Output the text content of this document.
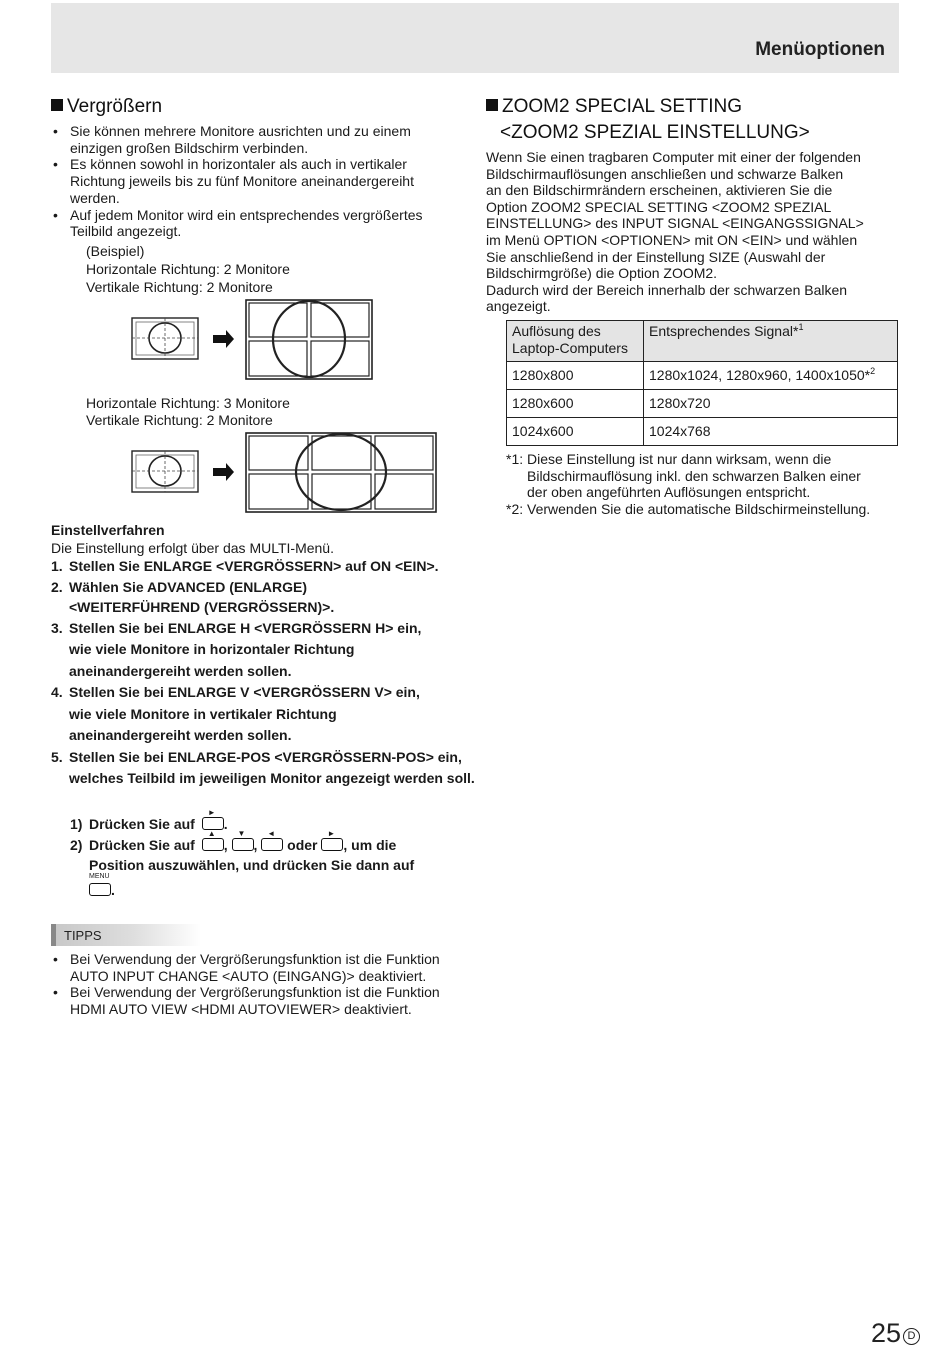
Menüoptionen
Vergrößern
• Sie können mehrere Monitore ausrichten und zu einem einzigen großen Bildschirm verbinden.
• Es können sowohl in horizontaler als auch in vertikaler Richtung jeweils bis zu fünf Monitore aneinandergereiht werden.
• Auf jedem Monitor wird ein entsprechendes vergrößertes Teilbild angezeigt.
(Beispiel)
Horizontale Richtung: 2 Monitore
Vertikale Richtung: 2 Monitore
Horizontale Richtung: 3 Monitore
Vertikale Richtung: 2 Monitore
Einstellverfahren
Die Einstellung erfolgt über das MULTI-Menü.
1. Stellen Sie ENLARGE <VERGRÖSSERN> auf ON <EIN>.
2. Wählen Sie ADVANCED (ENLARGE) <WEITERFÜHREND (VERGRÖSSERN)>.
3. Stellen Sie bei ENLARGE H <VERGRÖSSERN H> ein, wie viele Monitore in horizontaler Richtung aneinandergereiht werden sollen.
4. Stellen Sie bei ENLARGE V <VERGRÖSSERN V> ein, wie viele Monitore in vertikaler Richtung aneinandergereiht werden sollen.
5. Stellen Sie bei ENLARGE-POS <VERGRÖSSERN-POS> ein, welches Teilbild im jeweiligen Monitor angezeigt werden soll.
1) Drücken Sie auf
►
.
2) Drücken Sie auf
▲
,
▼
,
◄
oder
►
, um die
Position auszuwählen, und drücken Sie dann auf
MENU
.
TIPPS
• Bei Verwendung der Vergrößerungsfunktion ist die Funktion AUTO INPUT CHANGE <AUTO (EINGANG)> deaktiviert.
• Bei Verwendung der Vergrößerungsfunktion ist die Funktion HDMI AUTO VIEW <HDMI AUTOVIEWER> deaktiviert.
ZOOM2 SPECIAL SETTING
<ZOOM2 SPEZIAL EINSTELLUNG>
Wenn Sie einen tragbaren Computer mit einer der folgenden
Bildschirmauflösungen anschließen und schwarze Balken
an den Bildschirmrändern erscheinen, aktivieren Sie die
Option ZOOM2 SPECIAL SETTING <ZOOM2 SPEZIAL
EINSTELLUNG> des INPUT SIGNAL <EINGANGSSIGNAL>
im Menü OPTION <OPTIONEN> mit ON <EIN> und wählen
Sie anschließend in der Einstellung SIZE (Auswahl der
Bildschirmgröße) die Option ZOOM2.
Dadurch wird der Bereich innerhalb der schwarzen Balken
angezeigt.
Auflösung des
Laptop-Computers	Entsprechendes Signal*$^1$
1280x800	1280x1024, 1280x960, 1400x1050*$^2$
1280x600	1280x720
1024x600	1024x768
*1: Diese Einstellung ist nur dann wirksam, wenn die
Bildschirmauflösung inkl. den schwarzen Balken einer
der oben angeführten Auflösungen entspricht.
*2: Verwenden Sie die automatische Bildschirmeinstellung.
25 D
